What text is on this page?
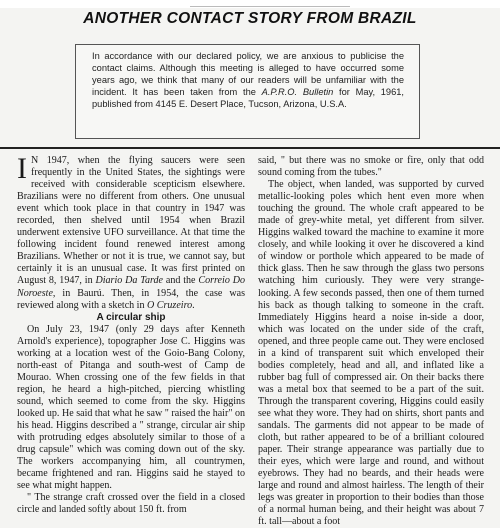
ANOTHER CONTACT STORY FROM BRAZIL
In accordance with our declared policy, we are anxious to publicise the contact claims. Although this meeting is alleged to have occurred some years ago, we think that many of our readers will be unfamiliar with the incident. It has been taken from the A.P.R.O. Bulletin for May, 1961, published from 4145 E. Desert Place, Tucson, Arizona, U.S.A.

I N 1947, when the flying saucers were seen frequently in the United States, the sightings were received with considerable scepticism elsewhere. Brazilians were no different from others. One unusual event which took place in that country in 1947 was recorded, then shelved until 1954 when Brazil underwent extensive UFO surveillance. At that time the following incident found renewed interest among Brazilians. Whether or not it is true, we cannot say, but certainly it is an unusual case. It was first printed on August 8, 1947, in Diario Da Tarde and the Correio Do Noroeste, in Baurú. Then, in 1954, the case was reviewed along with a sketch in O Cruzeiro.

A circular ship

On July 23, 1947 (only 29 days after Kenneth Arnold's experience), topographer Jose C. Higgins was working at a location west of the Goio-Bang Colony, north-east of Pitanga and south-west of Camp de Mourao. When crossing one of the few fields in that region, he heard a high-pitched, piercing whistling sound, which seemed to come from the sky. Higgins looked up. He said that what he saw " raised the hair" on his head. Higgins described a " strange, circular air ship with protruding edges absolutely similar to those of a drug capsule" which was coming down out of the sky. The workers accompanying him, all countrymen, became frightened and ran. Higgins said he stayed to see what might happen.

" The strange craft crossed over the field in a closed circle and landed softly about 150 ft. from

said, " but there was no smoke or fire, only that odd sound coming from the tubes."

The object, when landed, was supported by curved metallic-looking poles which hent even more when touching the ground. The whole craft appeared to be made of grey-white metal, yet different from silver. Higgins walked toward the machine to examine it more closely, and while looking it over he discovered a kind of window or porthole which appeared to be made of thick glass. Then he saw through the glass two persons watching him curiously. They were very strange-looking. A few seconds passed, then one of them turned his back as though talking to someone in the craft. Immediately Higgins heard a noise in-side a door, which was located on the under side of the craft, opened, and three people came out. They were enclosed in a kind of transparent suit which enveloped their bodies completely, head and all, and inflated like a rubber bag full of compressed air. On their backs there was a metal box that seemed to be a part of the suit. Through the transparent covering, Higgins could easily see what they wore. They had on shirts, short pants and sandals. The garments did not appear to be made of cloth, but rather appeared to be of a brilliant coloured paper. Their strange appearance was partially due to their eyes, which were large and round, and without eyebrows. They had no beards, and their heads were large and round and almost hairless. The length of their legs was greater in proportion to their bodies than those of a normal human being, and their height was about 7 ft. tall—about a foot
